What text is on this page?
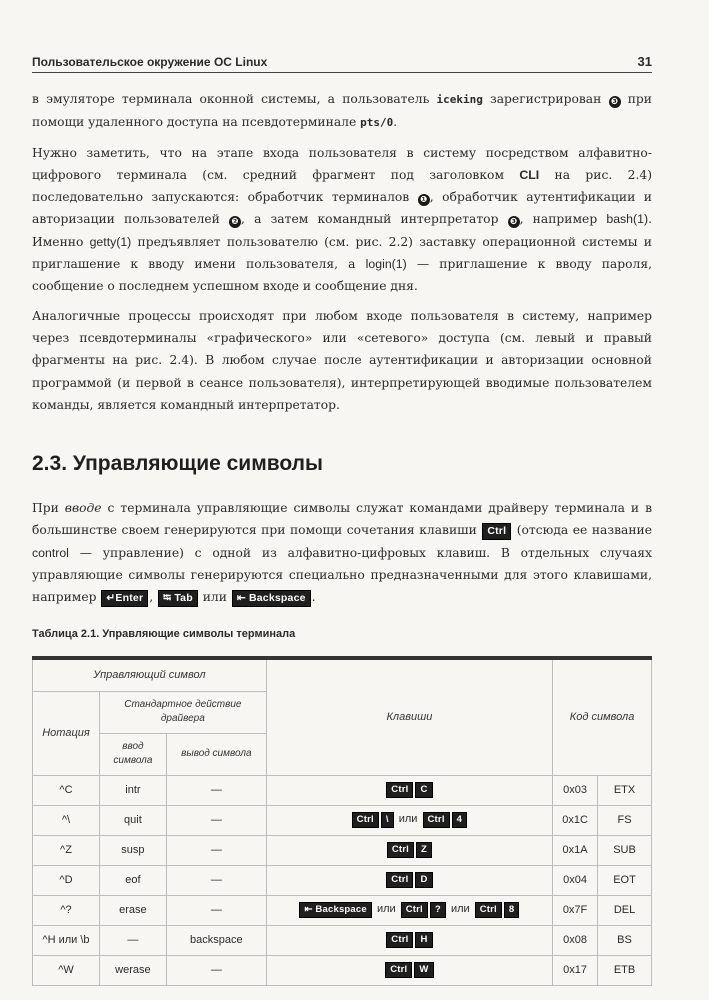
Пользовательское окружение ОС Linux	31

в эмуляторе терминала оконной системы, а пользователь iceking зарегистрирован ❸ при помощи удаленного доступа на псевдотерминале pts/0.

Нужно заметить, что на этапе входа пользователя в систему посредством алфавитно-цифрового терминала (см. средний фрагмент под заголовком CLI на рис. 2.4) последовательно запускаются: обработчик терминалов ❶ , обработчик аутентификации и авторизации пользователей ❷ , а затем командный интерпретатор ❸ , например bash(1). Именно getty(1) предъявляет пользователю (см. рис. 2.2) заставку операционной системы и приглашение к вводу имени пользователя, а login(1) — приглашение к вводу пароля, сообщение о последнем успешном входе и сообщение дня.

Аналогичные процессы происходят при любом входе пользователя в систему, например через псевдотерминалы «графического» или «сетевого» доступа (см. левый и правый фрагменты на рис. 2.4). В любом случае после аутентификации и авторизации основной программой (и первой в сеансе пользователя), интерпретирующей вводимые пользователем команды, является командный интерпретатор.

2.3. Управляющие символы

При вводе с терминала управляющие символы служат командами драйверу терминала и в большинстве своем генерируются при помощи сочетания клавиши Ctrl (отсюда ее название control — управление) с одной из алфавитно-цифровых клавиш. В отдельных случаях управляющие символы генерируются специально предназначенными для этого клавишами, например ↵Enter , ⭾ Tab или ⇤ Backspace .

Таблица 2.1. Управляющие символы терминала
Управляющий символ			Клавиши	Код символа	
Нотация	Стандартное действие драйвера				
	ввод символа	вывод символа			
^C	intr	—	Ctrl C	0x03	ETX
^\	quit	—	Ctrl \ или Ctrl 4	0x1C	FS
^Z	susp	—	Ctrl Z	0x1A	SUB
^D	eof	—	Ctrl D	0x04	EOT
^?	erase	—	⇤ Backspace или Ctrl ? или Ctrl 8	0x7F	DEL
^H или \b	—	backspace	Ctrl H	0x08	BS
^W	werase	—	Ctrl W	0x17	ETB
